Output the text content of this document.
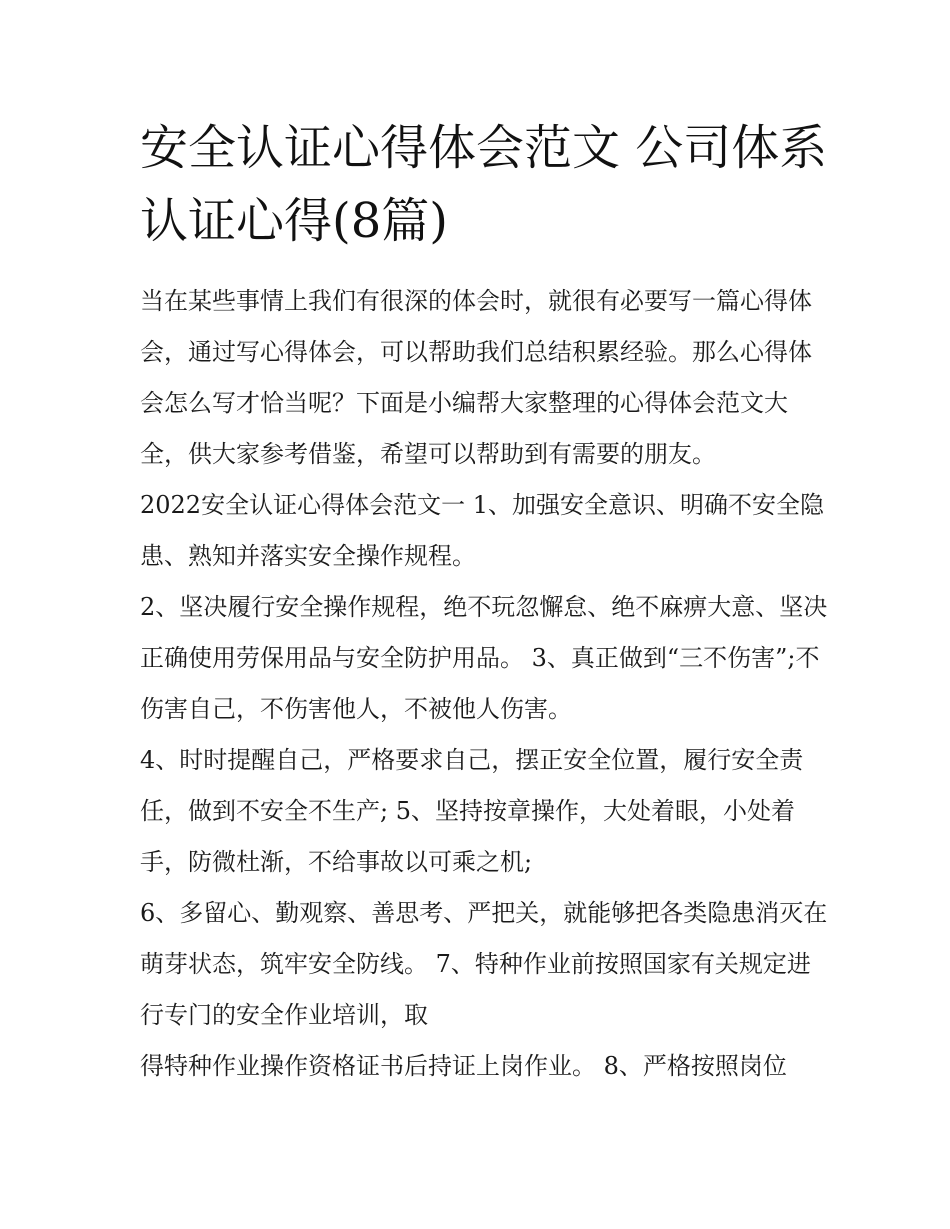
安全认证心得体会范文 公司体系认证心得(8篇)

当在某些事情上我们有很深的体会时，就很有必要写一篇心得体会，通过写心得体会，可以帮助我们总结积累经验。那么心得体会怎么写才恰当呢？下面是小编帮大家整理的心得体会范文大全，供大家参考借鉴，希望可以帮助到有需要的朋友。

2022安全认证心得体会范文一 1、加强安全意识、明确不安全隐患、熟知并落实安全操作规程。

2、坚决履行安全操作规程，绝不玩忽懈怠、绝不麻痹大意、坚决正确使用劳保用品与安全防护用品。 3、真正做到“三不伤害”;不伤害自己，不伤害他人，不被他人伤害。

4、时时提醒自己，严格要求自己，摆正安全位置，履行安全责任，做到不安全不生产; 5、坚持按章操作，大处着眼，小处着手，防微杜渐，不给事故以可乘之机;

6、多留心、勤观察、善思考、严把关，就能够把各类隐患消灭在萌芽状态，筑牢安全防线。 7、特种作业前按照国家有关规定进行专门的安全作业培训，取

得特种作业操作资格证书后持证上岗作业。 8、严格按照岗位
